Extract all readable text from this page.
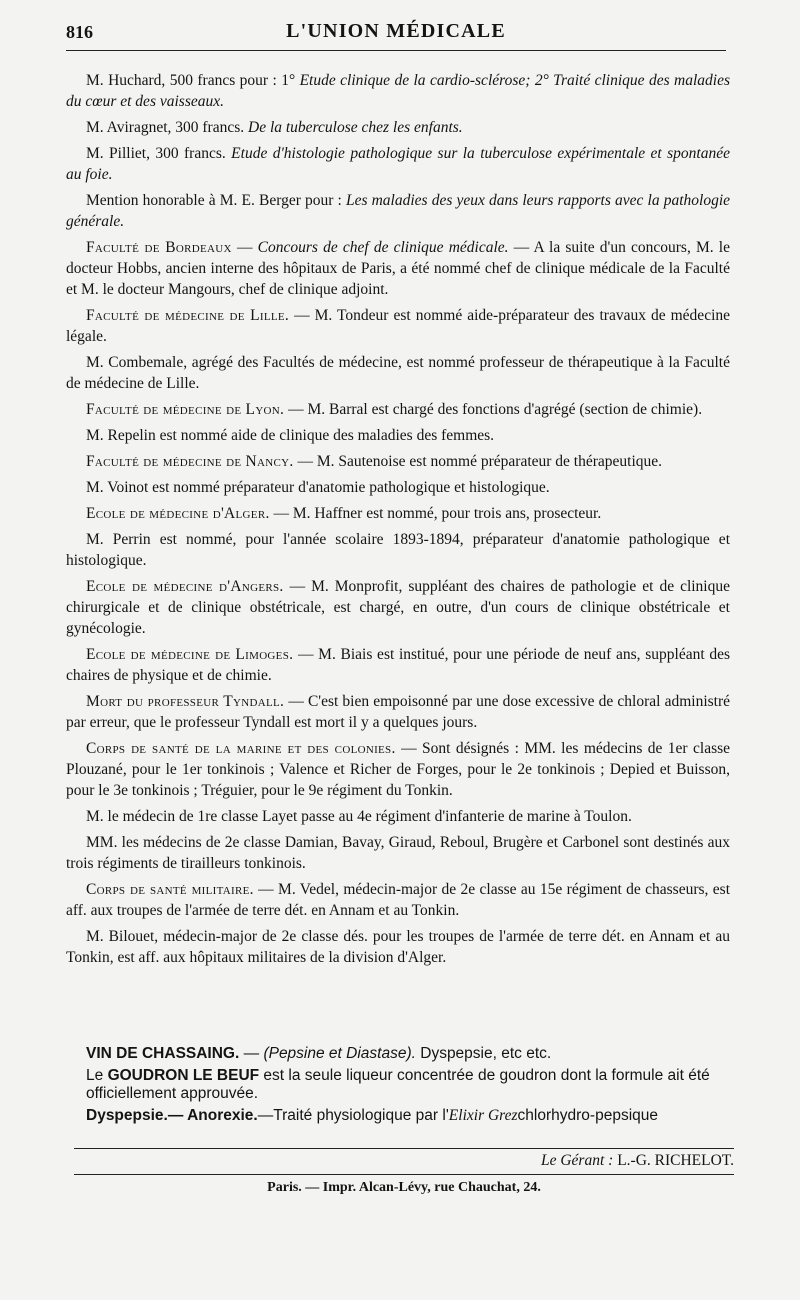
816	L'UNION MÉDICALE

M. Huchard, 500 francs pour : 1° Etude clinique de la cardio-sclérose; 2° Traité clinique des maladies du cœur et des vaisseaux.

M. Aviragnet, 300 francs. De la tuberculose chez les enfants.

M. Pilliet, 300 francs. Etude d'histologie pathologique sur la tuberculose expérimentale et spontanée au foie.

Mention honorable à M. E. Berger pour : Les maladies des yeux dans leurs rapports avec la pathologie générale.

Faculté de Bordeaux — Concours de chef de clinique médicale. — A la suite d'un concours, M. le docteur Hobbs, ancien interne des hôpitaux de Paris, a été nommé chef de clinique médicale de la Faculté et M. le docteur Mangours, chef de clinique adjoint.

Faculté de médecine de Lille. — M. Tondeur est nommé aide-préparateur des travaux de médecine légale.

M. Combemale, agrégé des Facultés de médecine, est nommé professeur de thérapeutique à la Faculté de médecine de Lille.

Faculté de médecine de Lyon. — M. Barral est chargé des fonctions d'agrégé (section de chimie).

M. Repelin est nommé aide de clinique des maladies des femmes.

Faculté de médecine de Nancy. — M. Sautenoise est nommé préparateur de thérapeutique.

M. Voinot est nommé préparateur d'anatomie pathologique et histologique.

Ecole de médecine d'Alger. — M. Haffner est nommé, pour trois ans, prosecteur.

M. Perrin est nommé, pour l'année scolaire 1893-1894, préparateur d'anatomie pathologique et histologique.

Ecole de médecine d'Angers. — M. Monprofit, suppléant des chaires de pathologie et de clinique chirurgicale et de clinique obstétricale, est chargé, en outre, d'un cours de clinique obstétricale et gynécologie.

Ecole de médecine de Limoges. — M. Biais est institué, pour une période de neuf ans, suppléant des chaires de physique et de chimie.

Mort du professeur Tyndall. — C'est bien empoisonné par une dose excessive de chloral administré par erreur, que le professeur Tyndall est mort il y a quelques jours.

Corps de santé de la marine et des colonies. — Sont désignés : MM. les médecins de 1er classe Plouzané, pour le 1er tonkinois ; Valence et Richer de Forges, pour le 2e tonkinois ; Depied et Buisson, pour le 3e tonkinois ; Tréguier, pour le 9e régiment du Tonkin.

M. le médecin de 1re classe Layet passe au 4e régiment d'infanterie de marine à Toulon.

MM. les médecins de 2e classe Damian, Bavay, Giraud, Reboul, Brugère et Carbonel sont destinés aux trois régiments de tirailleurs tonkinois.

Corps de santé militaire. — M. Vedel, médecin-major de 2e classe au 15e régiment de chasseurs, est aff. aux troupes de l'armée de terre dét. en Annam et au Tonkin.

M. Bilouet, médecin-major de 2e classe dés. pour les troupes de l'armée de terre dét. en Annam et au Tonkin, est aff. aux hôpitaux militaires de la division d'Alger.

VIN DE CHASSAING. — (Pepsine et Diastase). Dyspepsie, etc etc.

Le GOUDRON LE BEUF est la seule liqueur concentrée de goudron dont la formule ait été officiellement approuvée.

Dyspepsie.— Anorexie.—Traité physiologique par l'Elixir Grezchlorhydro-pepsique

Le Gérant : L.-G. RICHELOT.
Paris. — Impr. Alcan-Lévy, rue Chauchat, 24.
